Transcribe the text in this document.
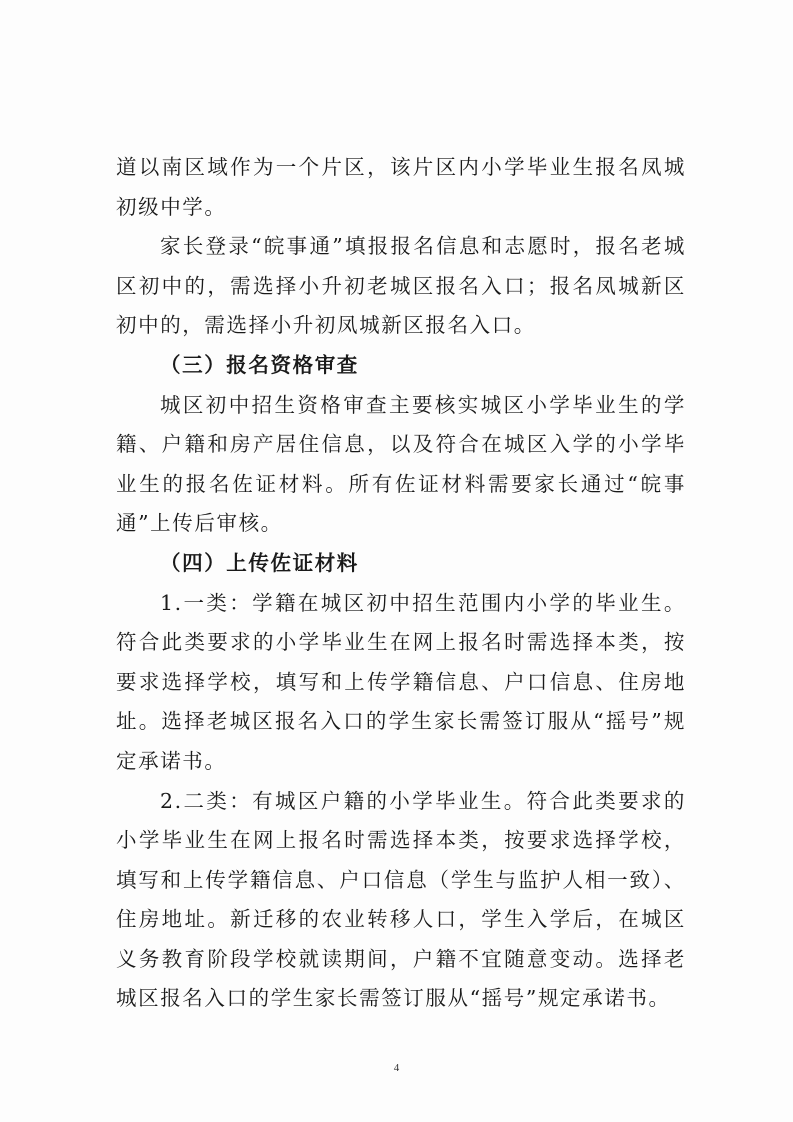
道以南区域作为一个片区，该片区内小学毕业生报名凤城初级中学。

家长登录“皖事通”填报报名信息和志愿时，报名老城区初中的，需选择小升初老城区报名入口；报名凤城新区初中的，需选择小升初凤城新区报名入口。

（三）报名资格审查

城区初中招生资格审查主要核实城区小学毕业生的学籍、户籍和房产居住信息，以及符合在城区入学的小学毕业生的报名佐证材料。所有佐证材料需要家长通过“皖事通”上传后审核。

（四）上传佐证材料

1.一类：学籍在城区初中招生范围内小学的毕业生。符合此类要求的小学毕业生在网上报名时需选择本类，按要求选择学校，填写和上传学籍信息、户口信息、住房地址。选择老城区报名入口的学生家长需签订服从“摇号”规定承诺书。

2.二类：有城区户籍的小学毕业生。符合此类要求的小学毕业生在网上报名时需选择本类，按要求选择学校，填写和上传学籍信息、户口信息（学生与监护人相一致）、住房地址。新迁移的农业转移人口，学生入学后，在城区义务教育阶段学校就读期间，户籍不宜随意变动。选择老城区报名入口的学生家长需签订服从“摇号”规定承诺书。

4
